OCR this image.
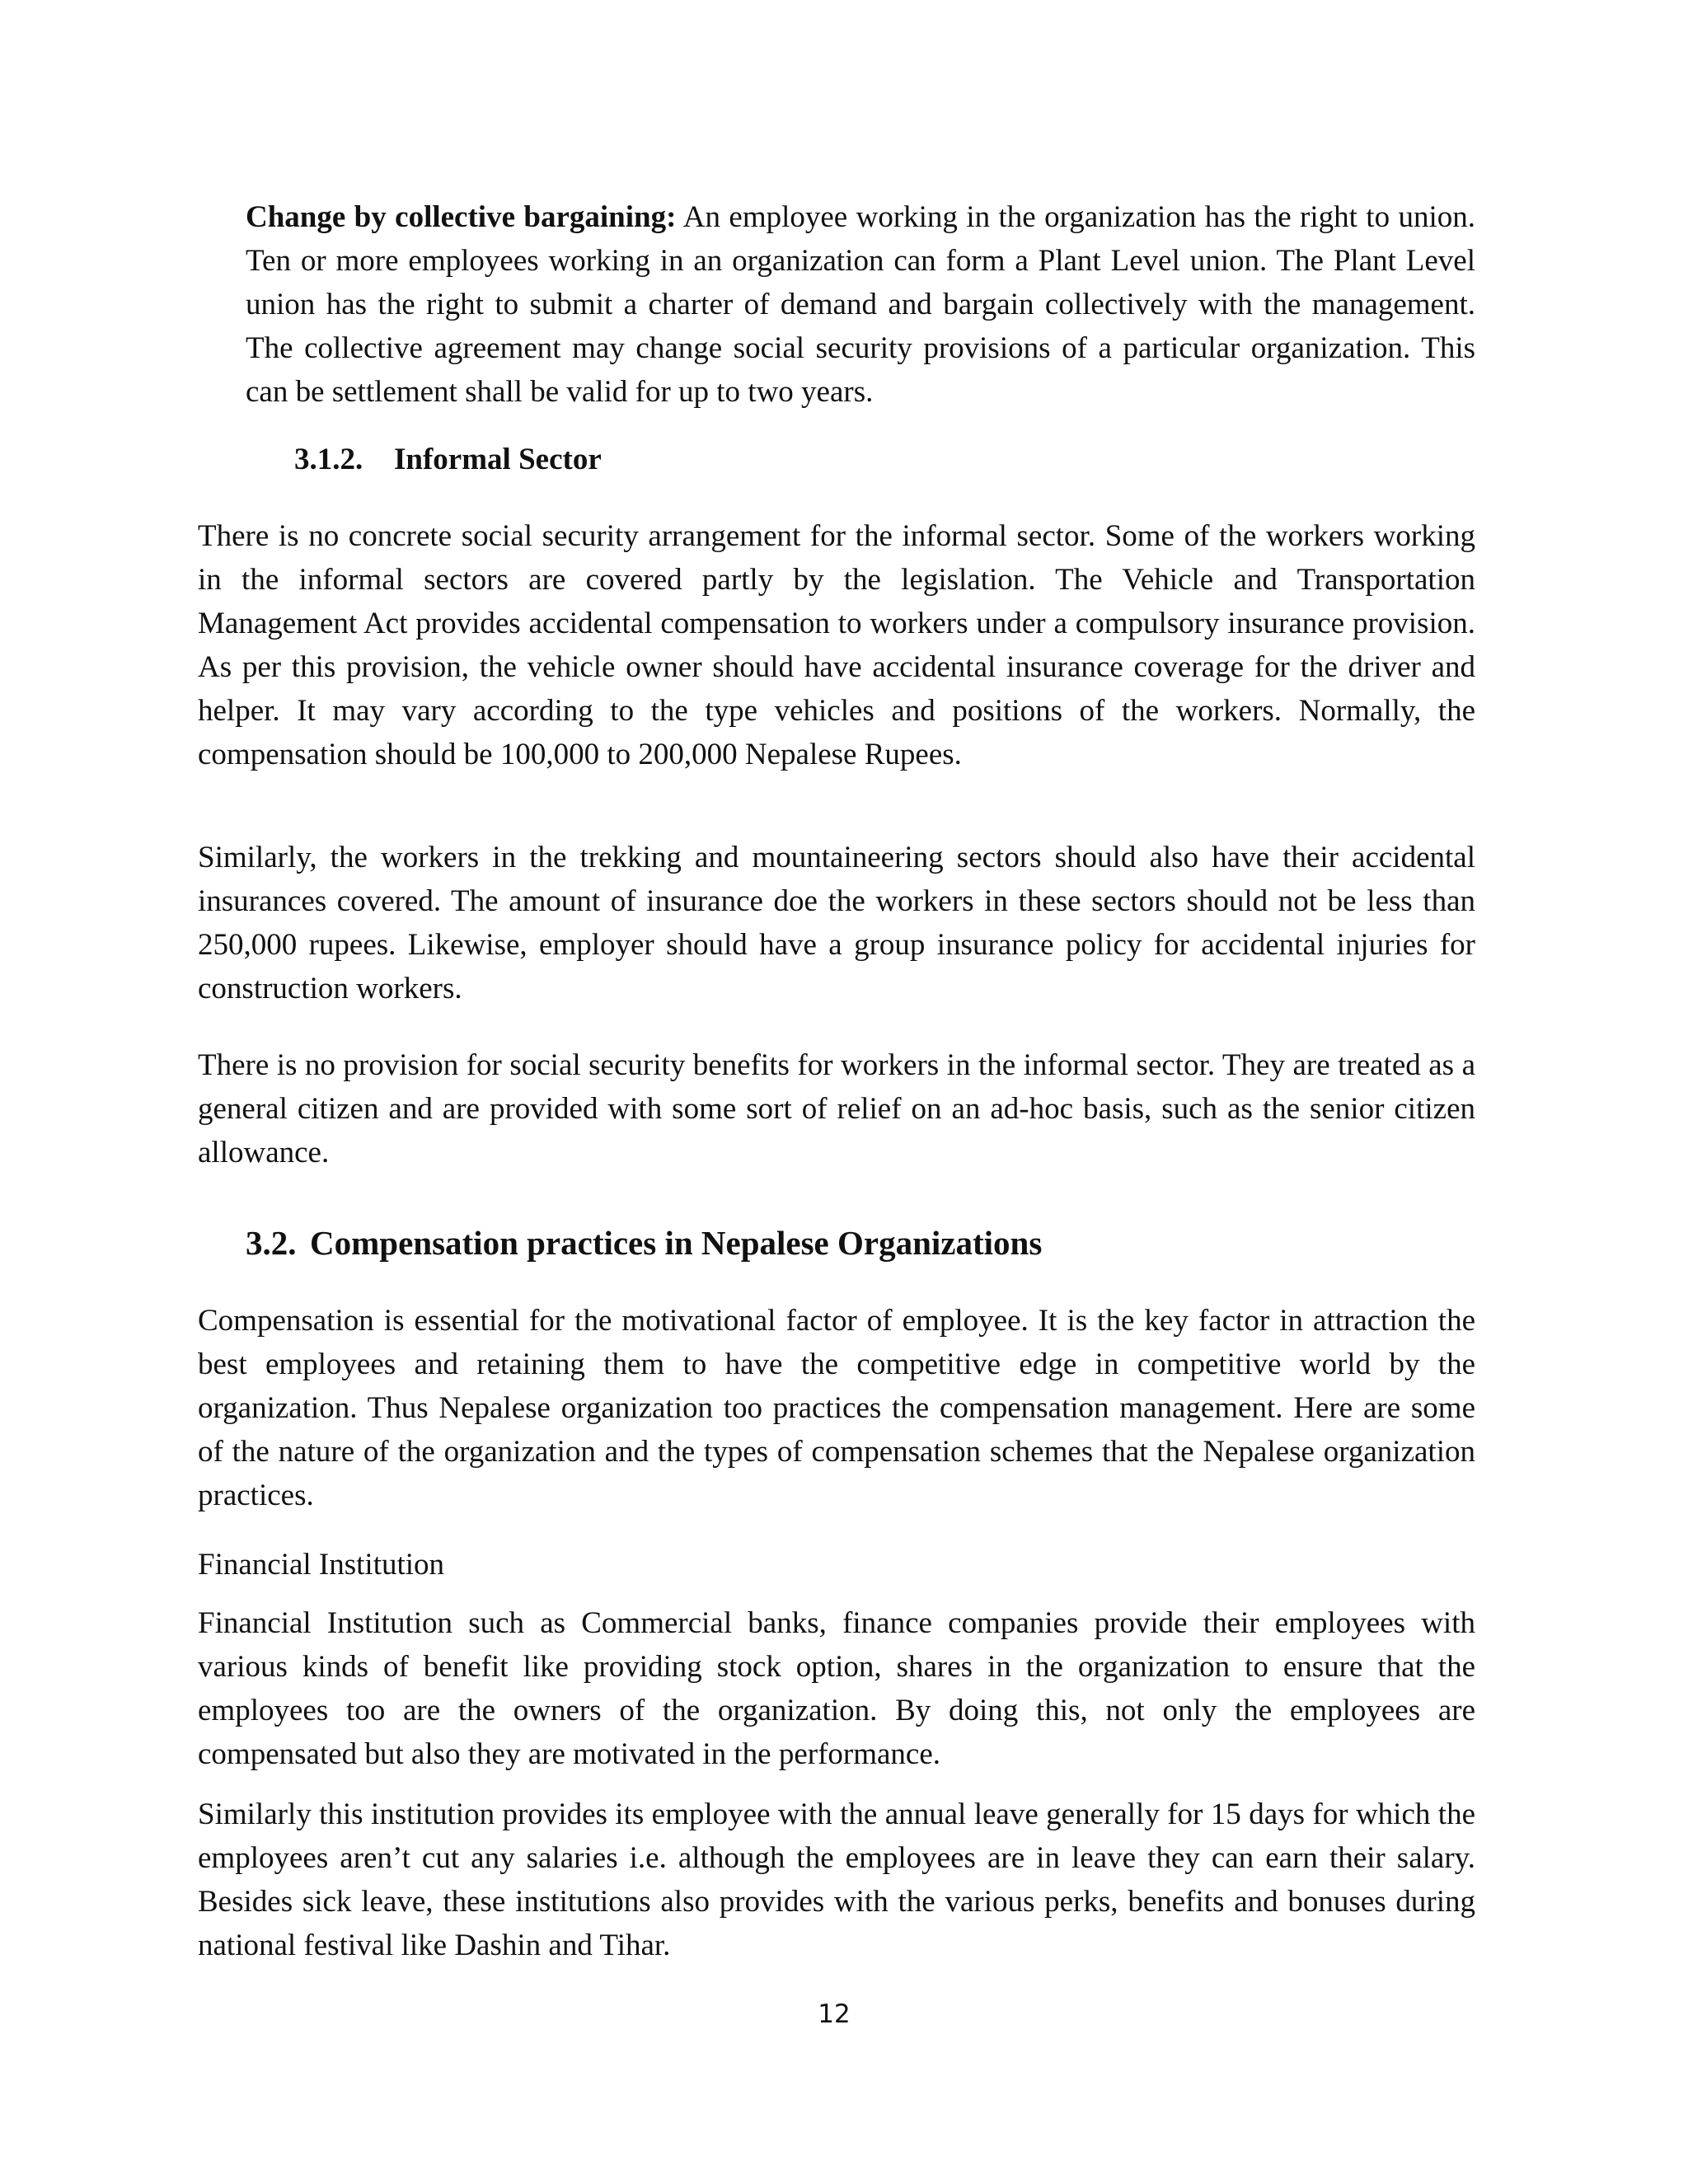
Change by collective bargaining: An employee working in the organization has the right to union. Ten or more employees working in an organization can form a Plant Level union. The Plant Level union has the right to submit a charter of demand and bargain collectively with the management. The collective agreement may change social security provisions of a particular organization. This can be settlement shall be valid for up to two years.

3.1.2. Informal Sector

There is no concrete social security arrangement for the informal sector. Some of the workers working in the informal sectors are covered partly by the legislation. The Vehicle and Transportation Management Act provides accidental compensation to workers under a compulsory insurance provision. As per this provision, the vehicle owner should have accidental insurance coverage for the driver and helper. It may vary according to the type vehicles and positions of the workers. Normally, the compensation should be 100,000 to 200,000 Nepalese Rupees.

Similarly, the workers in the trekking and mountaineering sectors should also have their accidental insurances covered. The amount of insurance doe the workers in these sectors should not be less than 250,000 rupees. Likewise, employer should have a group insurance policy for accidental injuries for construction workers.

There is no provision for social security benefits for workers in the informal sector. They are treated as a general citizen and are provided with some sort of relief on an ad-hoc basis, such as the senior citizen allowance.

3.2. Compensation practices in Nepalese Organizations

Compensation is essential for the motivational factor of employee. It is the key factor in attraction the best employees and retaining them to have the competitive edge in competitive world by the organization. Thus Nepalese organization too practices the compensation management. Here are some of the nature of the organization and the types of compensation schemes that the Nepalese organization practices.

Financial Institution

Financial Institution such as Commercial banks, finance companies provide their employees with various kinds of benefit like providing stock option, shares in the organization to ensure that the employees too are the owners of the organization. By doing this, not only the employees are compensated but also they are motivated in the performance.

Similarly this institution provides its employee with the annual leave generally for 15 days for which the employees aren’t cut any salaries i.e. although the employees are in leave they can earn their salary. Besides sick leave, these institutions also provides with the various perks, benefits and bonuses during national festival like Dashin and Tihar.

12
